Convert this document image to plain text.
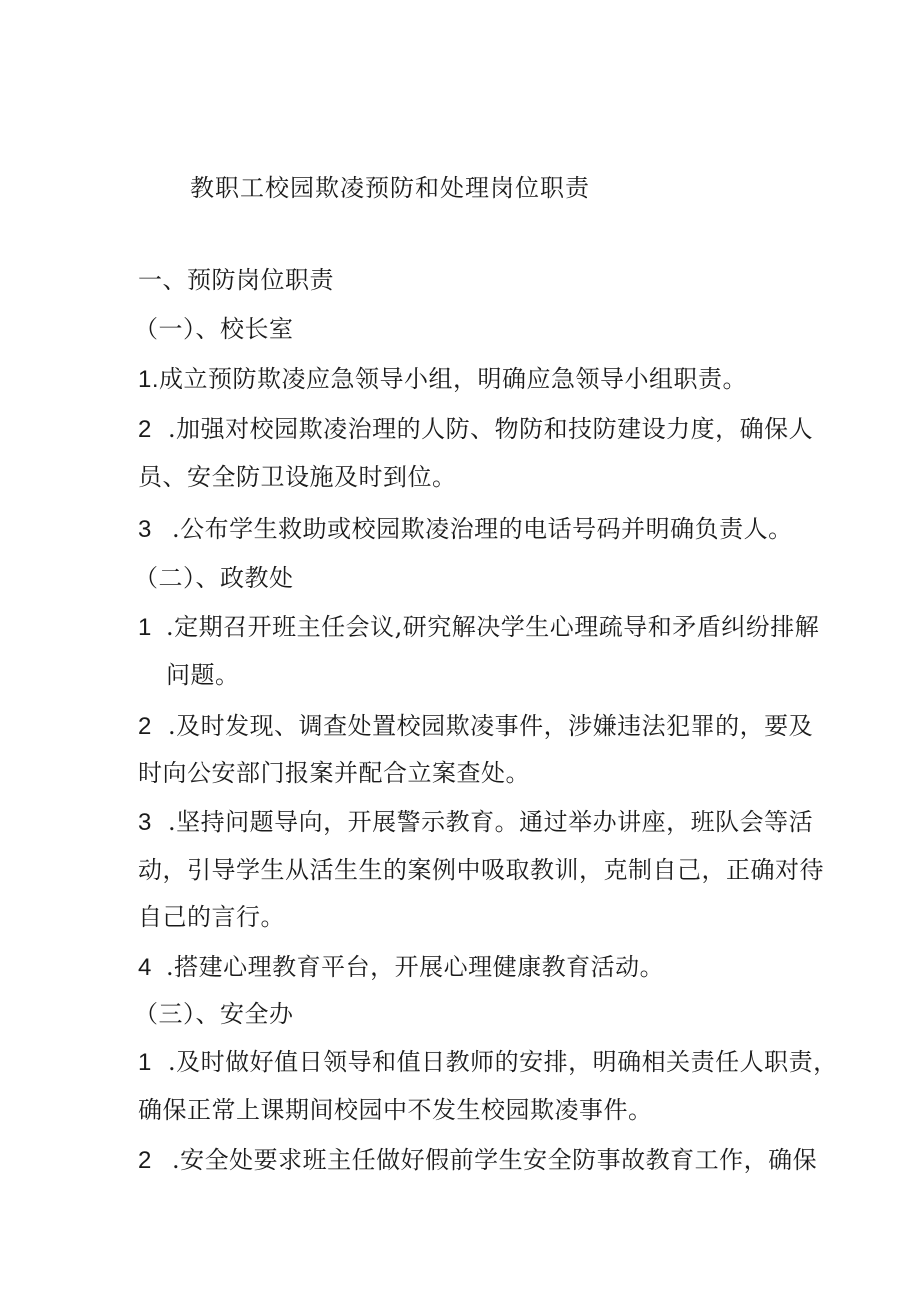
教职工校园欺凌预防和处理岗位职责
一、预防岗位职责
（一）、校长室
1.成立预防欺凌应急领导小组，明确应急领导小组职责。
2 .加强对校园欺凌治理的人防、物防和技防建设力度，确保人
员、安全防卫设施及时到位。
3 .公布学生救助或校园欺凌治理的电话号码并明确负责人。
（二）、政教处
1 .定期召开班主任会议,研究解决学生心理疏导和矛盾纠纷排解
问题。
2 .及时发现、调查处置校园欺凌事件，涉嫌违法犯罪的，要及
时向公安部门报案并配合立案查处。
3 .坚持问题导向，开展警示教育。通过举办讲座，班队会等活
动，引导学生从活生生的案例中吸取教训，克制自己，正确对待
自己的言行。
4 .搭建心理教育平台，开展心理健康教育活动。
（三）、安全办
1 .及时做好值日领导和值日教师的安排，明确相关责任人职责，
确保正常上课期间校园中不发生校园欺凌事件。
2 .安全处要求班主任做好假前学生安全防事故教育工作，确保
